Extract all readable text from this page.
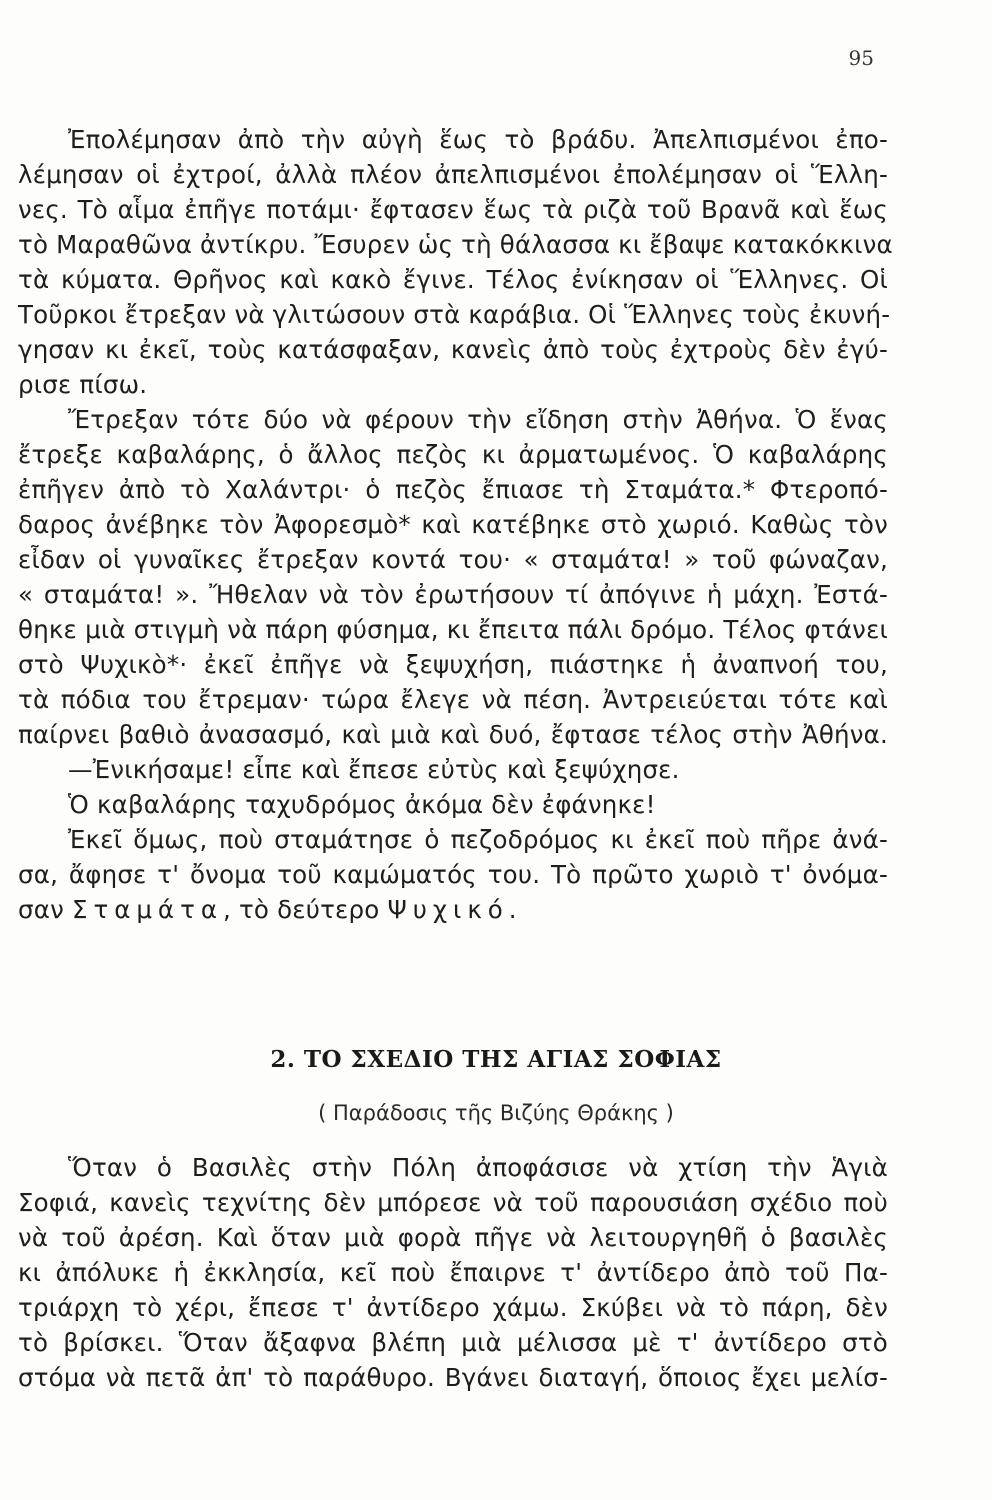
95
Ἐπολέμησαν ἀπὸ τὴν αὐγὴ ἕως τὸ βράδυ. Ἀπελπισμένοι ἐπο-
λέμησαν οἱ ἐχτροί, ἀλλὰ πλέον ἀπελπισμένοι ἐπολέμησαν οἱ Ἕλλη-
νες. Τὸ αἷμα ἐπῆγε ποτάμι· ἔφτασεν ἕως τὰ ριζὰ τοῦ Βρανᾶ καὶ ἕως
τὸ Μαραθῶνα ἀντίκρυ. Ἔσυρεν ὡς τὴ θάλασσα κι ἔβαψε κατακόκκινα
τὰ κύματα. Θρῆνος καὶ κακὸ ἔγινε. Τέλος ἐνίκησαν οἱ Ἕλληνες. Οἱ
Τοῦρκοι ἔτρεξαν νὰ γλιτώσουν στὰ καράβια. Οἱ Ἕλληνες τοὺς ἐκυνή-
γησαν κι ἐκεῖ, τοὺς κατάσφαξαν, κανεὶς ἀπὸ τοὺς ἐχτροὺς δὲν ἐγύ-
ρισε πίσω.
Ἔτρεξαν τότε δύο νὰ φέρουν τὴν εἴδηση στὴν Ἀθήνα. Ὁ ἕνας
ἔτρεξε καβαλάρης, ὁ ἄλλος πεζὸς κι ἀρματωμένος. Ὁ καβαλάρης
ἐπῆγεν ἀπὸ τὸ Χαλάντρι· ὁ πεζὸς ἔπιασε τὴ Σταμάτα.* Φτεροπό-
δαρος ἀνέβηκε τὸν Ἀφορεσμὸ* καὶ κατέβηκε στὸ χωριό. Καθὼς τὸν
εἶδαν οἱ γυναῖκες ἔτρεξαν κοντά του· « σταμάτα! » τοῦ φώναζαν,
« σταμάτα! ». Ἤθελαν νὰ τὸν ἐρωτήσουν τί ἀπόγινε ἡ μάχη. Ἐστά-
θηκε μιὰ στιγμὴ νὰ πάρη φύσημα, κι ἔπειτα πάλι δρόμο. Τέλος φτάνει
στὸ Ψυχικὸ*· ἐκεῖ ἐπῆγε νὰ ξεψυχήση, πιάστηκε ἡ ἀναπνοή του,
τὰ πόδια του ἔτρεμαν· τώρα ἔλεγε νὰ πέση. Ἀντρειεύεται τότε καὶ
παίρνει βαθιὸ ἀνασασμό, καὶ μιὰ καὶ δυό, ἔφτασε τέλος στὴν Ἀθήνα.
—Ἐνικήσαμε! εἶπε καὶ ἔπεσε εὐτὺς καὶ ξεψύχησε.
Ὁ καβαλάρης ταχυδρόμος ἀκόμα δὲν ἐφάνηκε!
Ἐκεῖ ὅμως, ποὺ σταμάτησε ὁ πεζοδρόμος κι ἐκεῖ ποὺ πῆρε ἀνά-
σα, ἄφησε τ' ὄνομα τοῦ καμώματός του. Τὸ πρῶτο χωριὸ τ' ὀνόμα-
σαν Σταμάτα, τὸ δεύτερο Ψυχικό.
2. ΤΟ ΣΧΕΔΙΟ ΤΗΣ ΑΓΙΑΣ ΣΟΦΙΑΣ
( Παράδοσις τῆς Βιζύης Θράκης )
Ὅταν ὁ Βασιλὲς στὴν Πόλη ἀποφάσισε νὰ χτίση τὴν Ἁγιὰ
Σοφιά, κανεὶς τεχνίτης δὲν μπόρεσε νὰ τοῦ παρουσιάση σχέδιο ποὺ
νὰ τοῦ ἀρέση. Καὶ ὅταν μιὰ φορὰ πῆγε νὰ λειτουργηθῆ ὁ βασιλὲς
κι ἀπόλυκε ἡ ἐκκλησία, κεῖ ποὺ ἔπαιρνε τ' ἀντίδερο ἀπὸ τοῦ Πα-
τριάρχη τὸ χέρι, ἔπεσε τ' ἀντίδερο χάμω. Σκύβει νὰ τὸ πάρη, δὲν
τὸ βρίσκει. Ὅταν ἄξαφνα βλέπη μιὰ μέλισσα μὲ τ' ἀντίδερο στὸ
στόμα νὰ πετᾶ ἀπ' τὸ παράθυρο. Βγάνει διαταγή, ὅποιος ἔχει μελίσ-
